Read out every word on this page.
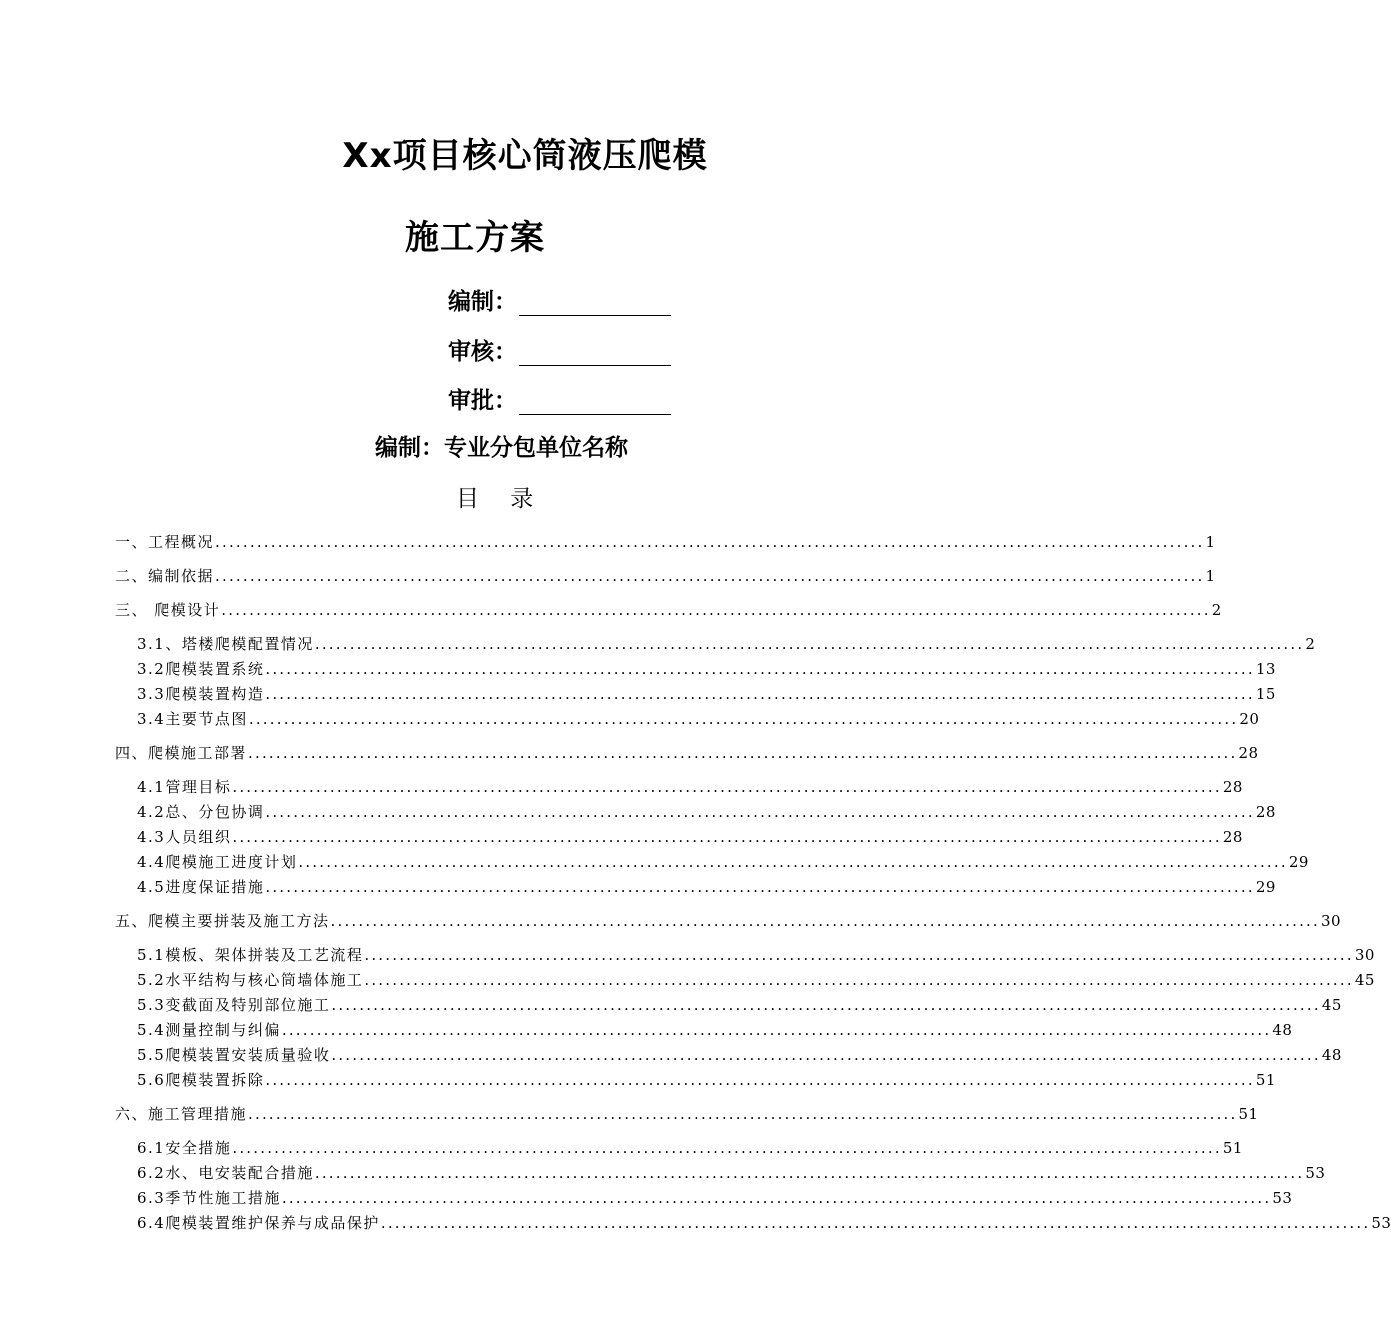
Xx项目核心筒液压爬模
施工方案
编制：
审核：
审批：
编制：专业分包单位名称
目 录
一、工程概况 .............................................................................................................................................. 1
二、编制依据 .............................................................................................................................................. 1
三、 爬模设计 .............................................................................................................................................. 2
3.1、塔楼爬模配置情况 .............................................................................................................................................. 2
3.2爬模装置系统 .............................................................................................................................................. 13
3.3爬模装置构造 .............................................................................................................................................. 15
3.4主要节点图 .............................................................................................................................................. 20
四、爬模施工部署 .............................................................................................................................................. 28
4.1管理目标 .............................................................................................................................................. 28
4.2总、分包协调 .............................................................................................................................................. 28
4.3人员组织 .............................................................................................................................................. 28
4.4爬模施工进度计划 .............................................................................................................................................. 29
4.5进度保证措施 .............................................................................................................................................. 29
五、爬模主要拼装及施工方法 .............................................................................................................................................. 30
5.1模板、架体拼装及工艺流程 .............................................................................................................................................. 30
5.2水平结构与核心筒墙体施工 .............................................................................................................................................. 45
5.3变截面及特别部位施工 .............................................................................................................................................. 45
5.4测量控制与纠偏 .............................................................................................................................................. 48
5.5爬模装置安装质量验收 .............................................................................................................................................. 48
5.6爬模装置拆除 .............................................................................................................................................. 51
六、施工管理措施 .............................................................................................................................................. 51
6.1安全措施 .............................................................................................................................................. 51
6.2水、电安装配合措施 .............................................................................................................................................. 53
6.3季节性施工措施 .............................................................................................................................................. 53
6.4爬模装置维护保养与成品保护 .............................................................................................................................................. 53
